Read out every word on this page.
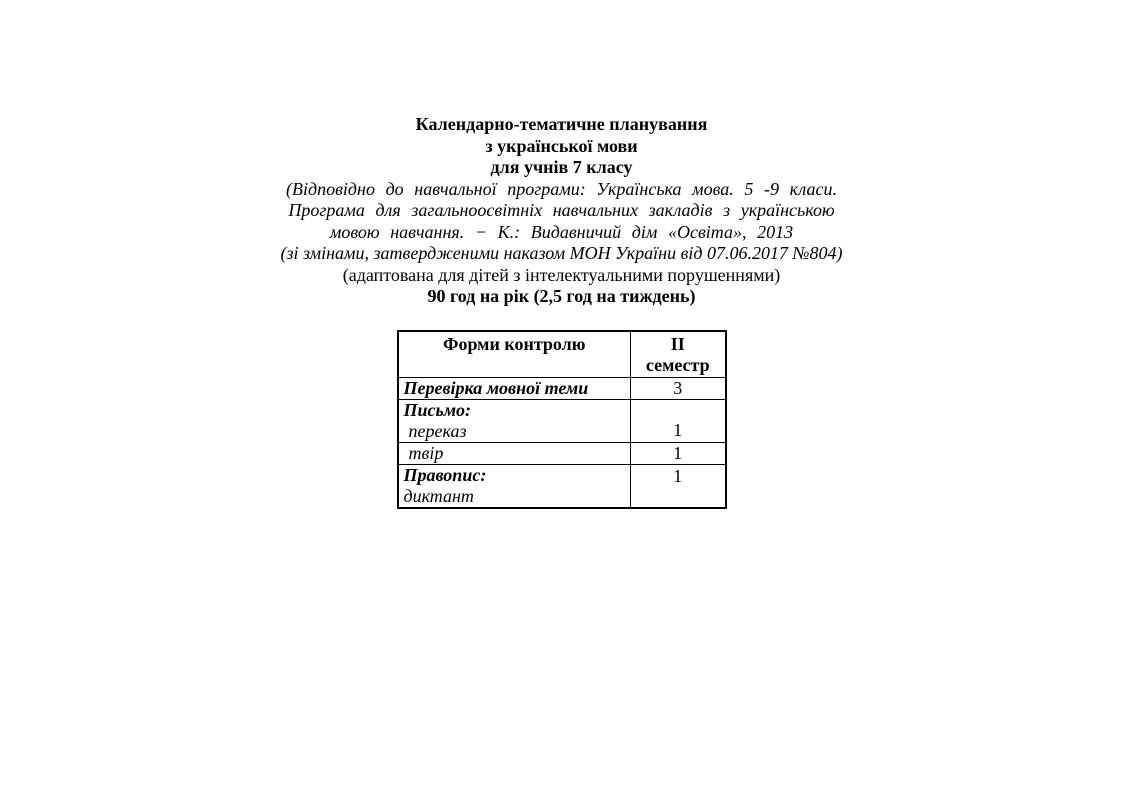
Календарно-тематичне планування
з української мови
для учнів 7 класу
(Відповідно до навчальної програми: Українська мова. 5 -9 класи.
Програма для загальноосвітніх навчальних закладів з українською
мовою навчання. − К.: Видавничий дім «Освіта», 2013
(зі змінами, затвердженими наказом МОН України від 07.06.2017 №804)
(адаптована для дітей з інтелектуальними порушеннями)
90 год на рік (2,5 год на тиждень)
Форми контролю	ІІ семестр

Перевірка мовної теми	3

Письмо:
переказ	1

твір	1

Правопис:
диктант	1
